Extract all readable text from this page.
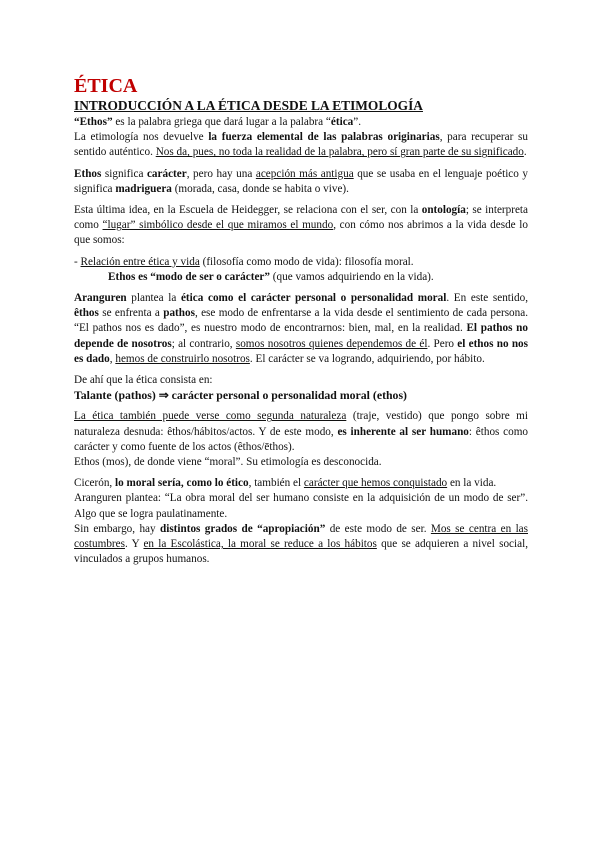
ÉTICA
INTRODUCCIÓN A LA ÉTICA DESDE LA ETIMOLOGÍA

“Ethos” es la palabra griega que dará lugar a la palabra “ética”.

La etimología nos devuelve la fuerza elemental de las palabras originarias, para recuperar su sentido auténtico. Nos da, pues, no toda la realidad de la palabra, pero sí gran parte de su significado.

Ethos significa carácter, pero hay una acepción más antigua que se usaba en el lenguaje poético y significa madriguera (morada, casa, donde se habita o vive).

Esta última idea, en la Escuela de Heidegger, se relaciona con el ser, con la ontología; se interpreta como “lugar” simbólico desde el que miramos el mundo, con cómo nos abrimos a la vida desde lo que somos:

- Relación entre ética y vida (filosofía como modo de vida): filosofía moral.

Ethos es “modo de ser o carácter” (que vamos adquiriendo en la vida).

Aranguren plantea la ética como el carácter personal o personalidad moral. En este sentido, êthos se enfrenta a pathos, ese modo de enfrentarse a la vida desde el sentimiento de cada persona. “El pathos nos es dado”, es nuestro modo de encontrarnos: bien, mal, en la realidad. El pathos no depende de nosotros; al contrario, somos nosotros quienes dependemos de él. Pero el ethos no nos es dado, hemos de construirlo nosotros. El carácter se va logrando, adquiriendo, por hábito.

De ahí que la ética consista en:

Talante (pathos) ⇒ carácter personal o personalidad moral (ethos)

La ética también puede verse como segunda naturaleza (traje, vestido) que pongo sobre mi naturaleza desnuda: êthos/hábitos/actos. Y de este modo, es inherente al ser humano: êthos como carácter y como fuente de los actos (êthos/ēthos).

Ethos (mos), de donde viene “moral”. Su etimología es desconocida.

Cicerón, lo moral sería, como lo ético, también el carácter que hemos conquistado en la vida.

Aranguren plantea: “La obra moral del ser humano consiste en la adquisición de un modo de ser”. Algo que se logra paulatinamente.

Sin embargo, hay distintos grados de “apropiación” de este modo de ser. Mos se centra en las costumbres. Y en la Escolástica, la moral se reduce a los hábitos que se adquieren a nivel social, vinculados a grupos humanos.
